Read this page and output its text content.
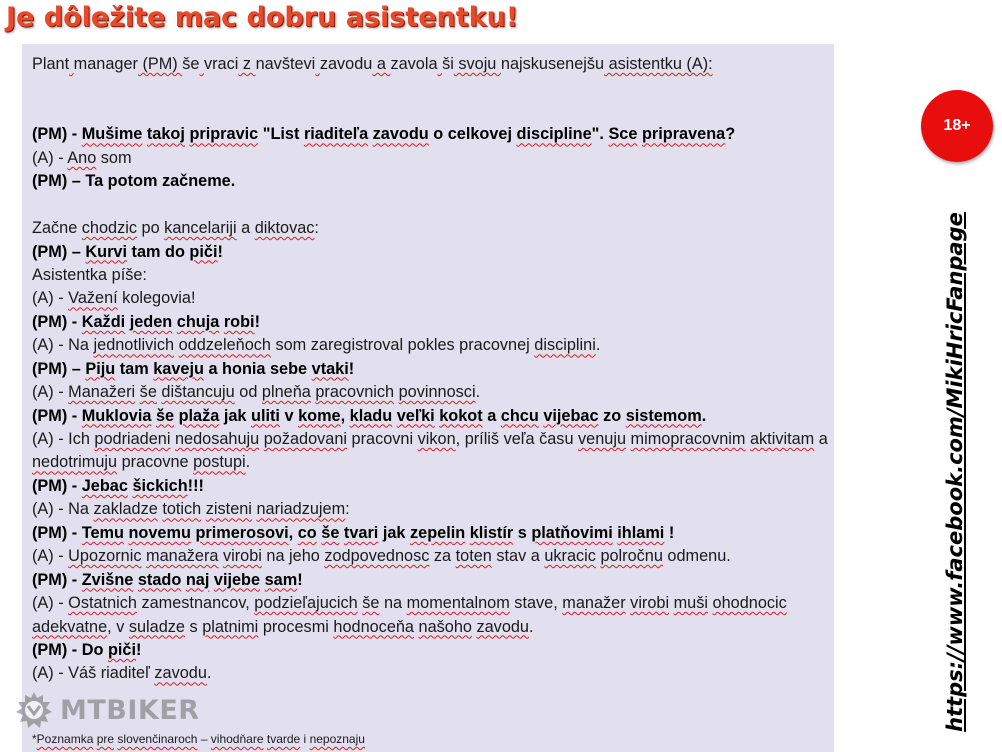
Je dôležite mac dobru asistentku!
Plant manager (PM) še vraci z navštevi zavodu a zavola ši svoju najskusenejšu asistentku (A):
(PM) - Mušime takoj pripravic "List riaditeľa zavodu o celkovej discipline". Sce pripravena?
(A) - Ano som
(PM) – Ta potom začneme.
Začne chodzic po kancelariji a diktovac:
(PM) – Kurvi tam do piči!
Asistentka píše:
(A) - Važení kolegovia!
(PM) - Každi jeden chuja robi!
(A) - Na jednotlivich oddzeleňoch som zaregistroval pokles pracovnej disciplini.
(PM) – Piju tam kaveju a honia sebe vtaki!
(A) - Manažeri še dištancuju od plneňa pracovnich povinnosci.
(PM) - Muklovia še plaža jak uliti v kome, kladu veľki kokot a chcu vijebac zo sistemom.
(A) - Ich podriadeni nedosahuju požadovani pracovni vikon, príliš veľa času venuju mimopracovnim aktivitam a nedotrimuju pracovne postupi.
(PM) - Jebac šickich!!!
(A) - Na zakladze totich zisteni nariadzujem:
(PM) - Temu novemu primerosovi, co še tvari jak zepelin klistír s platňovimi ihlami !
(A) - Upozornic manažera virobi na jeho zodpovednosc za toten stav a ukracic polročnu odmenu.
(PM) - Zvišne stado naj vijebe sam!
(A) - Ostatnich zamestnancov, podzieľajucich še na momentalnom stave, manažer virobi muši ohodnocic adekvatne, v suladze s platnimi procesmi hodnoceňa našoho zavodu.
(PM) - Do piči!
(A) - Váš riaditeľ zavodu.
*Poznamka pre slovenčinaroch – vihodňare tvarde i nepoznaju
MTBIKER
18+
https://www.facebook.com/MikiHricFanpage
